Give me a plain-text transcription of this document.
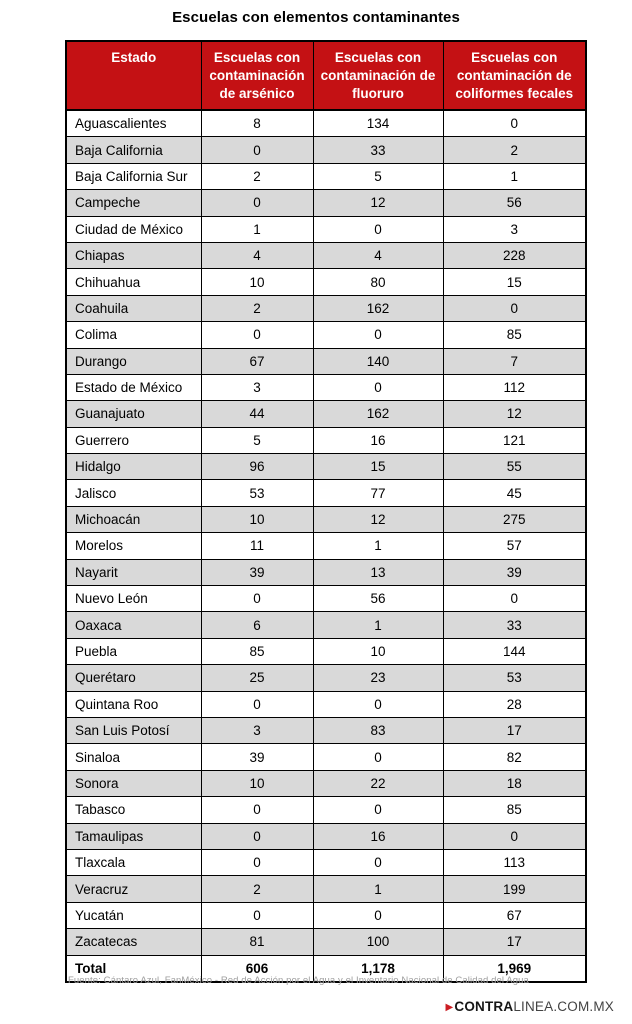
Escuelas con elementos contaminantes
Estado	Escuelas con contaminación de arsénico	Escuelas con contaminación de fluoruro	Escuelas con contaminación de coliformes fecales
Aguascalientes	8	134	0
Baja California	0	33	2
Baja California Sur	2	5	1
Campeche	0	12	56
Ciudad de México	1	0	3
Chiapas	4	4	228
Chihuahua	10	80	15
Coahuila	2	162	0
Colima	0	0	85
Durango	67	140	7
Estado de México	3	0	112
Guanajuato	44	162	12
Guerrero	5	16	121
Hidalgo	96	15	55
Jalisco	53	77	45
Michoacán	10	12	275
Morelos	11	1	57
Nayarit	39	13	39
Nuevo León	0	56	0
Oaxaca	6	1	33
Puebla	85	10	144
Querétaro	25	23	53
Quintana Roo	0	0	28
San Luis Potosí	3	83	17
Sinaloa	39	0	82
Sonora	10	22	18
Tabasco	0	0	85
Tamaulipas	0	16	0
Tlaxcala	0	0	113
Veracruz	2	1	199
Yucatán	0	0	67
Zacatecas	81	100	17
Total	606	1,178	1,969
Fuente: Cántaro Azul, FanMéxico - Red de Acción por el Agua y el Inventario Nacional de Calidad del Agua
▶CONTRALINEA.COM.MX
